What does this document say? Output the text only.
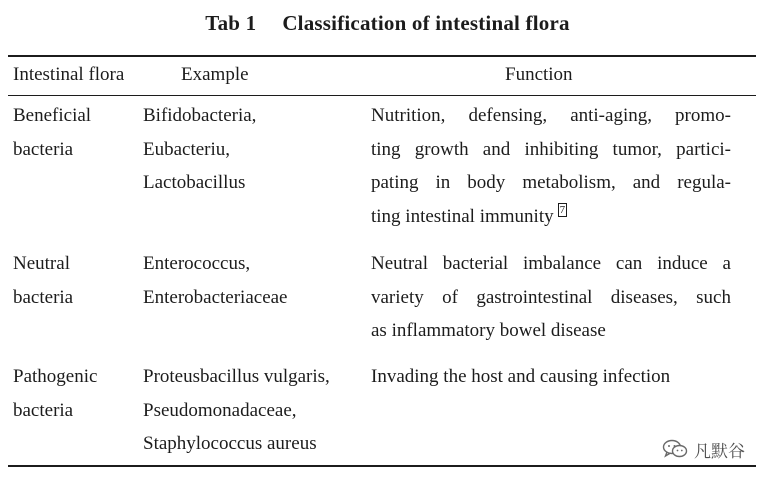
Tab 1 Classification of intestinal flora
Intestinal flora	Example	Function
Beneficial
bacteria
Bifidobacteria,
Eubacteriu,
Lactobacillus
Nutrition, defensing, anti-aging, promo-
ting growth and inhibiting tumor, partici-
pating in body metabolism, and regula-
ting intestinal immunity 7
Neutral
bacteria
Enterococcus,
Enterobacteriaceae
Neutral bacterial imbalance can induce a
variety of gastrointestinal diseases, such
as inflammatory bowel disease
Pathogenic
bacteria
Proteusbacillus vulgaris,
Pseudomonadaceae,
Staphylococcus aureus
Invading the host and causing infection
凡默谷
